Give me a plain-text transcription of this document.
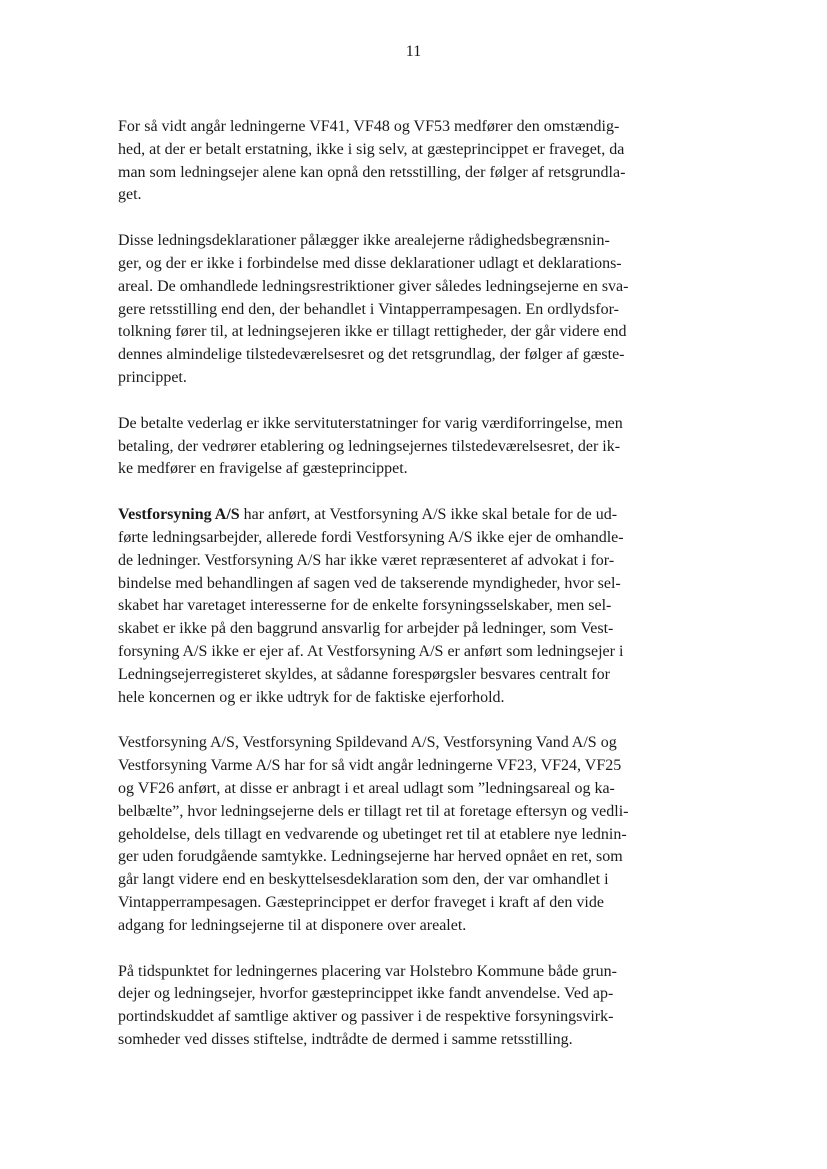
11

For så vidt angår ledningerne VF41, VF48 og VF53 medfører den omstændig-
hed, at der er betalt erstatning, ikke i sig selv, at gæsteprincippet er fraveget, da
man som ledningsejer alene kan opnå den retsstilling, der følger af retsgrundla-
get.

Disse ledningsdeklarationer pålægger ikke arealejerne rådighedsbegrænsnin-
ger, og der er ikke i forbindelse med disse deklarationer udlagt et deklarations-
areal. De omhandlede ledningsrestriktioner giver således ledningsejerne en sva-
gere retsstilling end den, der behandlet i Vintapperrampesagen. En ordlydsfor-
tolkning fører til, at ledningsejeren ikke er tillagt rettigheder, der går videre end
dennes almindelige tilstedeværelsesret og det retsgrundlag, der følger af gæste-
princippet.

De betalte vederlag er ikke servituterstatninger for varig værdiforringelse, men
betaling, der vedrører etablering og ledningsejernes tilstedeværelsesret, der ik-
ke medfører en fravigelse af gæsteprincippet.

Vestforsyning A/S har anført, at Vestforsyning A/S ikke skal betale for de ud-
førte ledningsarbejder, allerede fordi Vestforsyning A/S ikke ejer de omhandle-
de ledninger. Vestforsyning A/S har ikke været repræsenteret af advokat i for-
bindelse med behandlingen af sagen ved de takserende myndigheder, hvor sel-
skabet har varetaget interesserne for de enkelte forsyningsselskaber, men sel-
skabet er ikke på den baggrund ansvarlig for arbejder på ledninger, som Vest-
forsyning A/S ikke er ejer af. At Vestforsyning A/S er anført som ledningsejer i
Ledningsejerregisteret skyldes, at sådanne forespørgsler besvares centralt for
hele koncernen og er ikke udtryk for de faktiske ejerforhold.

Vestforsyning A/S, Vestforsyning Spildevand A/S, Vestforsyning Vand A/S og
Vestforsyning Varme A/S har for så vidt angår ledningerne VF23, VF24, VF25
og VF26 anført, at disse er anbragt i et areal udlagt som ”ledningsareal og ka-
belbælte”, hvor ledningsejerne dels er tillagt ret til at foretage eftersyn og vedli-
geholdelse, dels tillagt en vedvarende og ubetinget ret til at etablere nye lednin-
ger uden forudgående samtykke. Ledningsejerne har herved opnået en ret, som
går langt videre end en beskyttelsesdeklaration som den, der var omhandlet i
Vintapperrampesagen. Gæsteprincippet er derfor fraveget i kraft af den vide
adgang for ledningsejerne til at disponere over arealet.

På tidspunktet for ledningernes placering var Holstebro Kommune både grun-
dejer og ledningsejer, hvorfor gæsteprincippet ikke fandt anvendelse. Ved ap-
portindskuddet af samtlige aktiver og passiver i de respektive forsyningsvirk-
somheder ved disses stiftelse, indtrådte de dermed i samme retsstilling.
